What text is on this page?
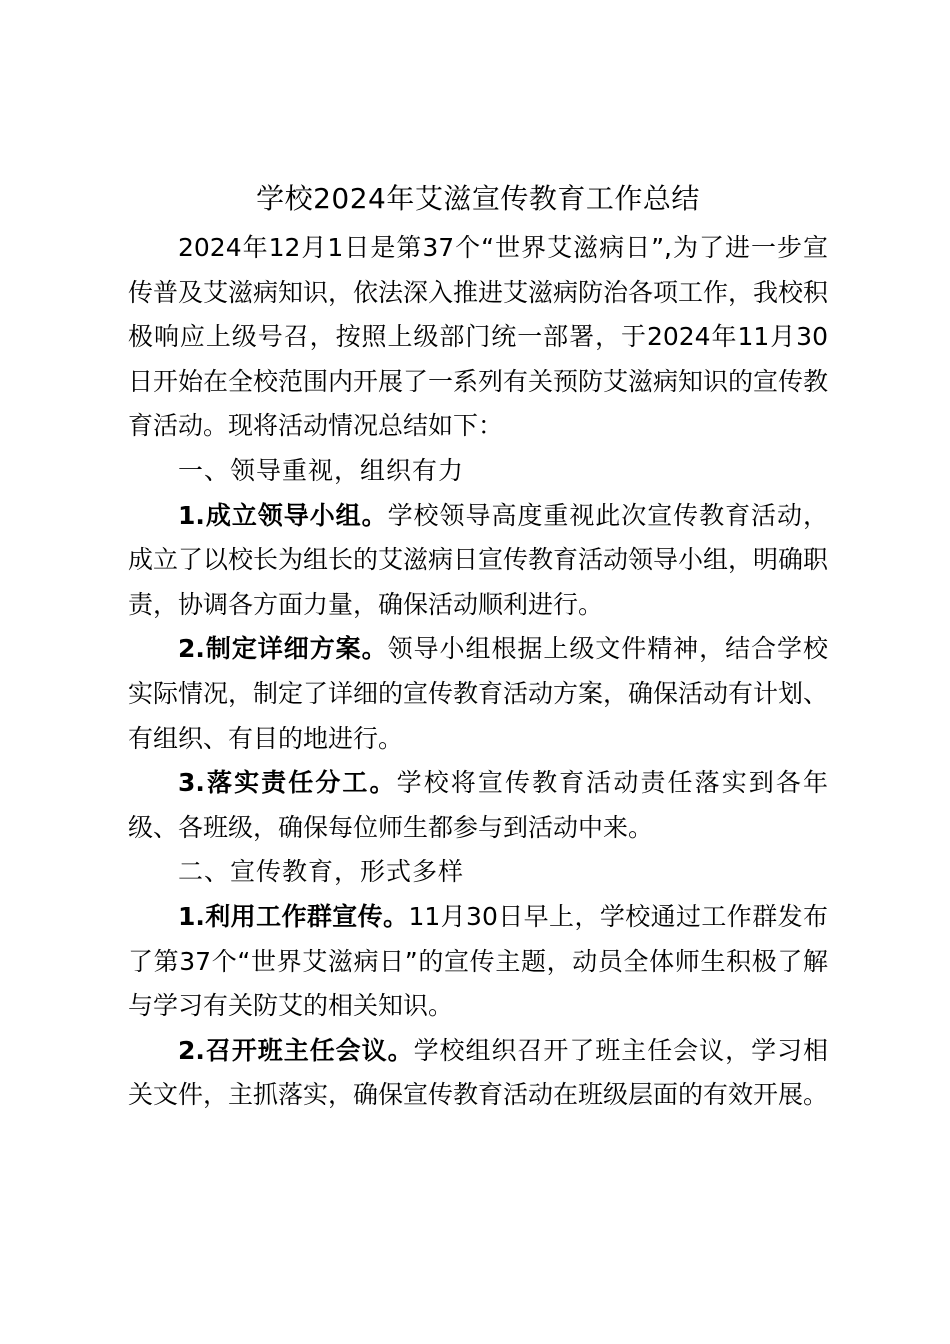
学校2024年艾滋宣传教育工作总结

2024年12月1日是第37个“世界艾滋病日”,为了进一步宣传普及艾滋病知识，依法深入推进艾滋病防治各项工作，我校积极响应上级号召，按照上级部门统一部署，于2024年11月30日开始在全校范围内开展了一系列有关预防艾滋病知识的宣传教育活动。现将活动情况总结如下：

一、领导重视，组织有力

1.成立领导小组。学校领导高度重视此次宣传教育活动，成立了以校长为组长的艾滋病日宣传教育活动领导小组，明确职责，协调各方面力量，确保活动顺利进行。

2.制定详细方案。领导小组根据上级文件精神，结合学校实际情况，制定了详细的宣传教育活动方案，确保活动有计划、有组织、有目的地进行。

3.落实责任分工。学校将宣传教育活动责任落实到各年级、各班级，确保每位师生都参与到活动中来。

二、宣传教育，形式多样

1.利用工作群宣传。11月30日早上，学校通过工作群发布了第37个“世界艾滋病日”的宣传主题，动员全体师生积极了解与学习有关防艾的相关知识。

2.召开班主任会议。学校组织召开了班主任会议，学习相关文件，主抓落实，确保宣传教育活动在班级层面的有效开展。
